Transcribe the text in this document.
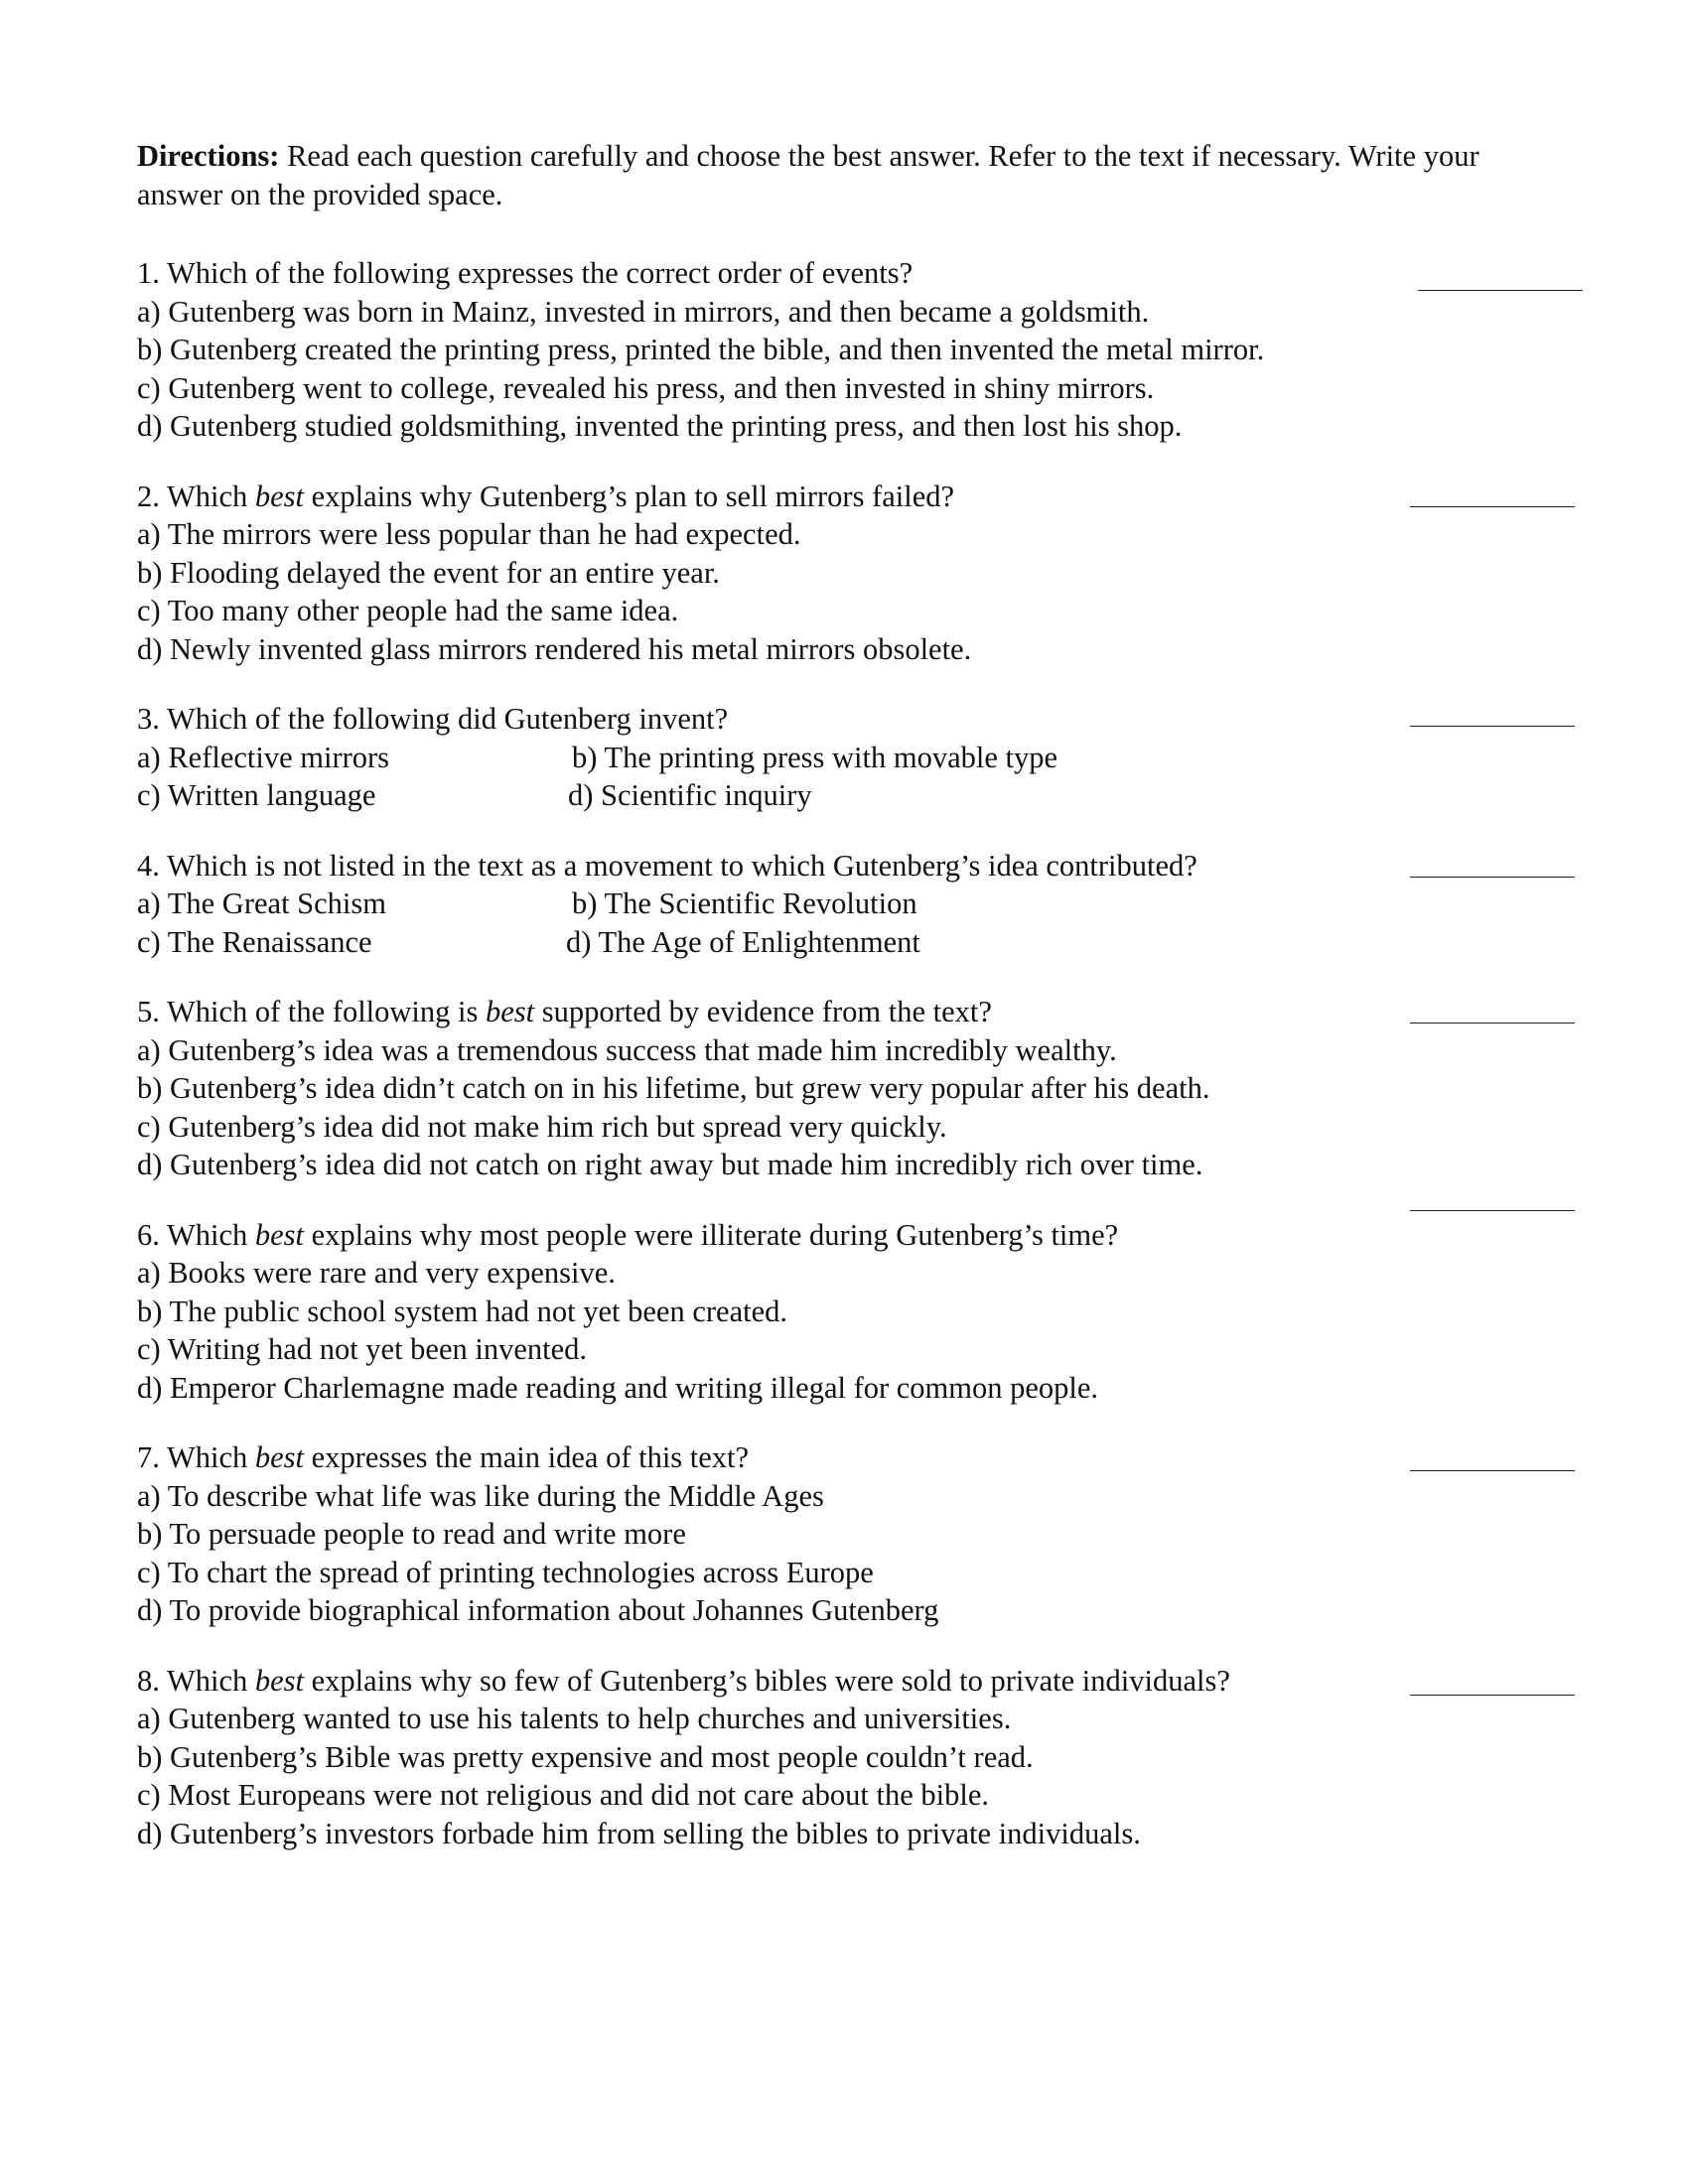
Directions: Read each question carefully and choose the best answer. Refer to the text if necessary. Write your answer on the provided space.

1. Which of the following expresses the correct order of events?
a) Gutenberg was born in Mainz, invested in mirrors, and then became a goldsmith.
b) Gutenberg created the printing press, printed the bible, and then invented the metal mirror.
c) Gutenberg went to college, revealed his press, and then invested in shiny mirrors.
d) Gutenberg studied goldsmithing, invented the printing press, and then lost his shop.
2. Which best explains why Gutenberg’s plan to sell mirrors failed?
a) The mirrors were less popular than he had expected.
b) Flooding delayed the event for an entire year.
c) Too many other people had the same idea.
d) Newly invented glass mirrors rendered his metal mirrors obsolete.
3. Which of the following did Gutenberg invent?
a) Reflective mirrors	b) The printing press with movable type
c) Written language	d) Scientific inquiry
4. Which is not listed in the text as a movement to which Gutenberg’s idea contributed?
a) The Great Schism	b) The Scientific Revolution
c) The Renaissance	d) The Age of Enlightenment
5. Which of the following is best supported by evidence from the text?
a) Gutenberg’s idea was a tremendous success that made him incredibly wealthy.
b) Gutenberg’s idea didn’t catch on in his lifetime, but grew very popular after his death.
c) Gutenberg’s idea did not make him rich but spread very quickly.
d) Gutenberg’s idea did not catch on right away but made him incredibly rich over time.
6. Which best explains why most people were illiterate during Gutenberg’s time?
a) Books were rare and very expensive.
b) The public school system had not yet been created.
c) Writing had not yet been invented.
d) Emperor Charlemagne made reading and writing illegal for common people.
7. Which best expresses the main idea of this text?
a) To describe what life was like during the Middle Ages
b) To persuade people to read and write more
c) To chart the spread of printing technologies across Europe
d) To provide biographical information about Johannes Gutenberg
8. Which best explains why so few of Gutenberg’s bibles were sold to private individuals?
a) Gutenberg wanted to use his talents to help churches and universities.
b) Gutenberg’s Bible was pretty expensive and most people couldn’t read.
c) Most Europeans were not religious and did not care about the bible.
d) Gutenberg’s investors forbade him from selling the bibles to private individuals.
